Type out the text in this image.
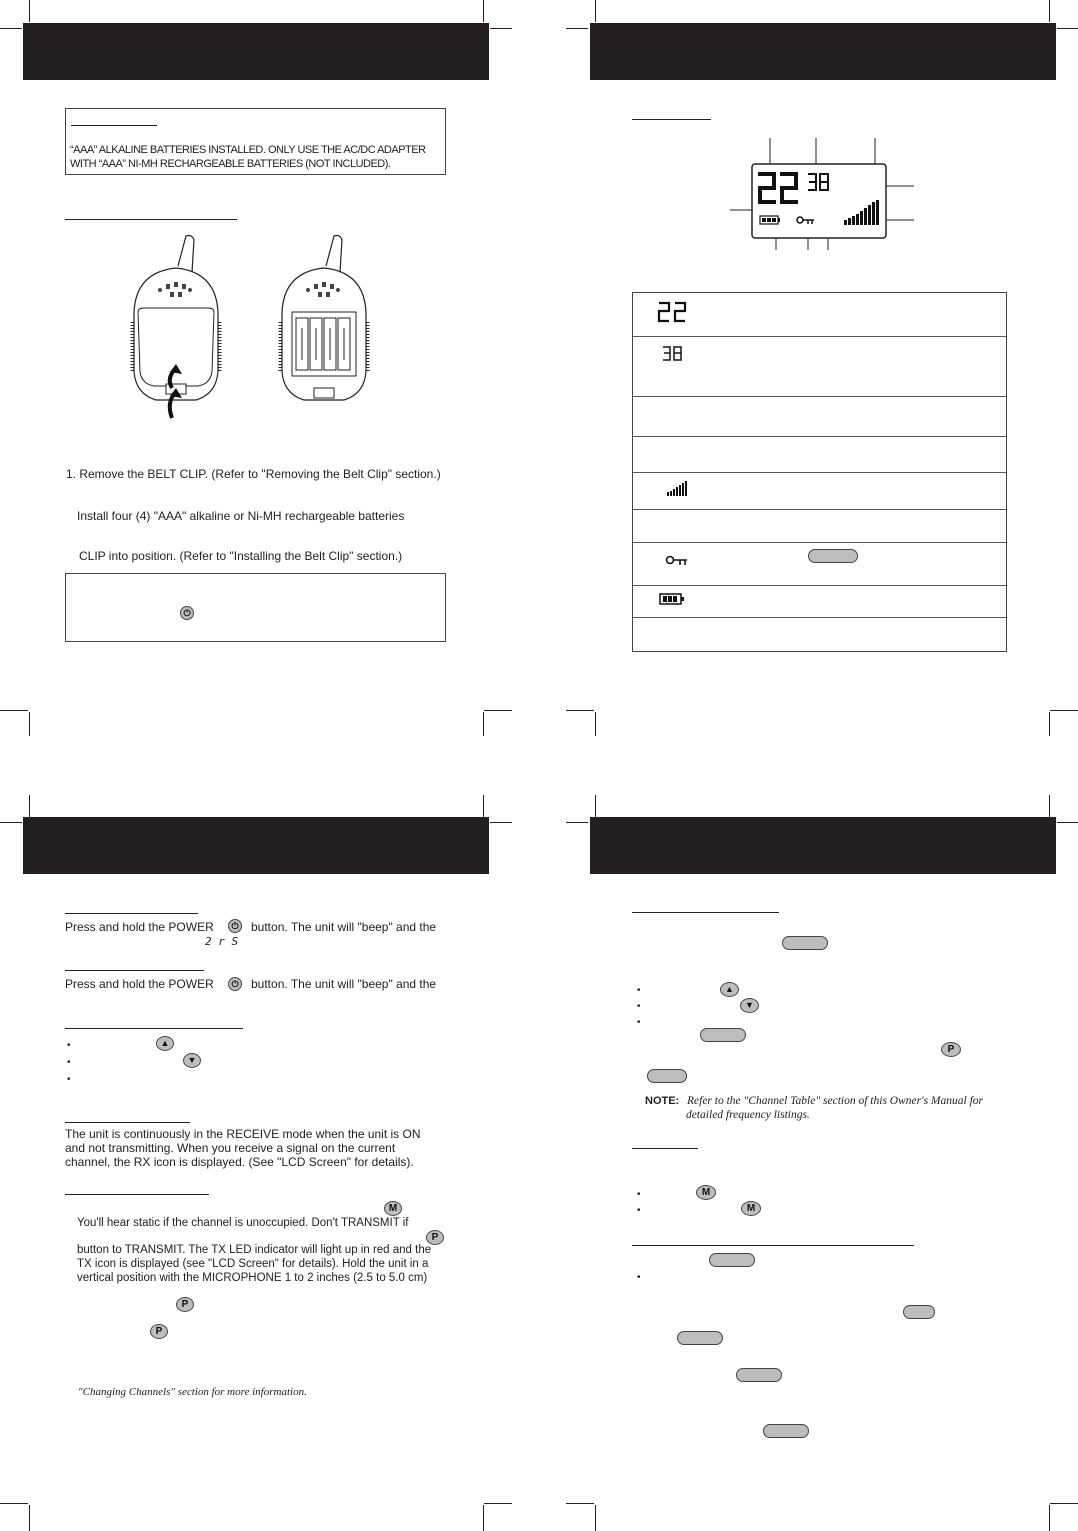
“AAA” ALKALINE BATTERIES INSTALLED. ONLY USE THE AC/DC ADAPTER
WITH “AAA” NI-MH RECHARGEABLE BATTERIES (NOT INCLUDED).
1. Remove the BELT CLIP. (Refer to "Removing the Belt Clip" section.)
Install four (4) "AAA" alkaline or Ni-MH rechargeable batteries
CLIP into position. (Refer to "Installing the Belt Clip" section.)
⏻
Press and hold the POWER	⏻ button. The unit will "beep" and the
2 r S
Press and hold the POWER	⏻ button. The unit will "beep" and the
•	▲
•	▼
•
The unit is continuously in the RECEIVE mode when the unit is ON
and not transmitting. When you receive a signal on the current
channel, the RX icon is displayed. (See "LCD Screen" for details).
M
You'll hear static if the channel is unoccupied. Don't TRANSMIT if
P
button to TRANSMIT. The TX LED indicator will light up in red and the
TX icon is displayed (see "LCD Screen" for details). Hold the unit in a
vertical position with the MICROPHONE 1 to 2 inches (2.5 to 5.0 cm)
P
P
"Changing Channels" section for more information.
•	▲
•	▼
•
P
NOTE: Refer to the "Channel Table" section of this Owner's Manual for
detailed frequency listings.
•	M
•	M
•
